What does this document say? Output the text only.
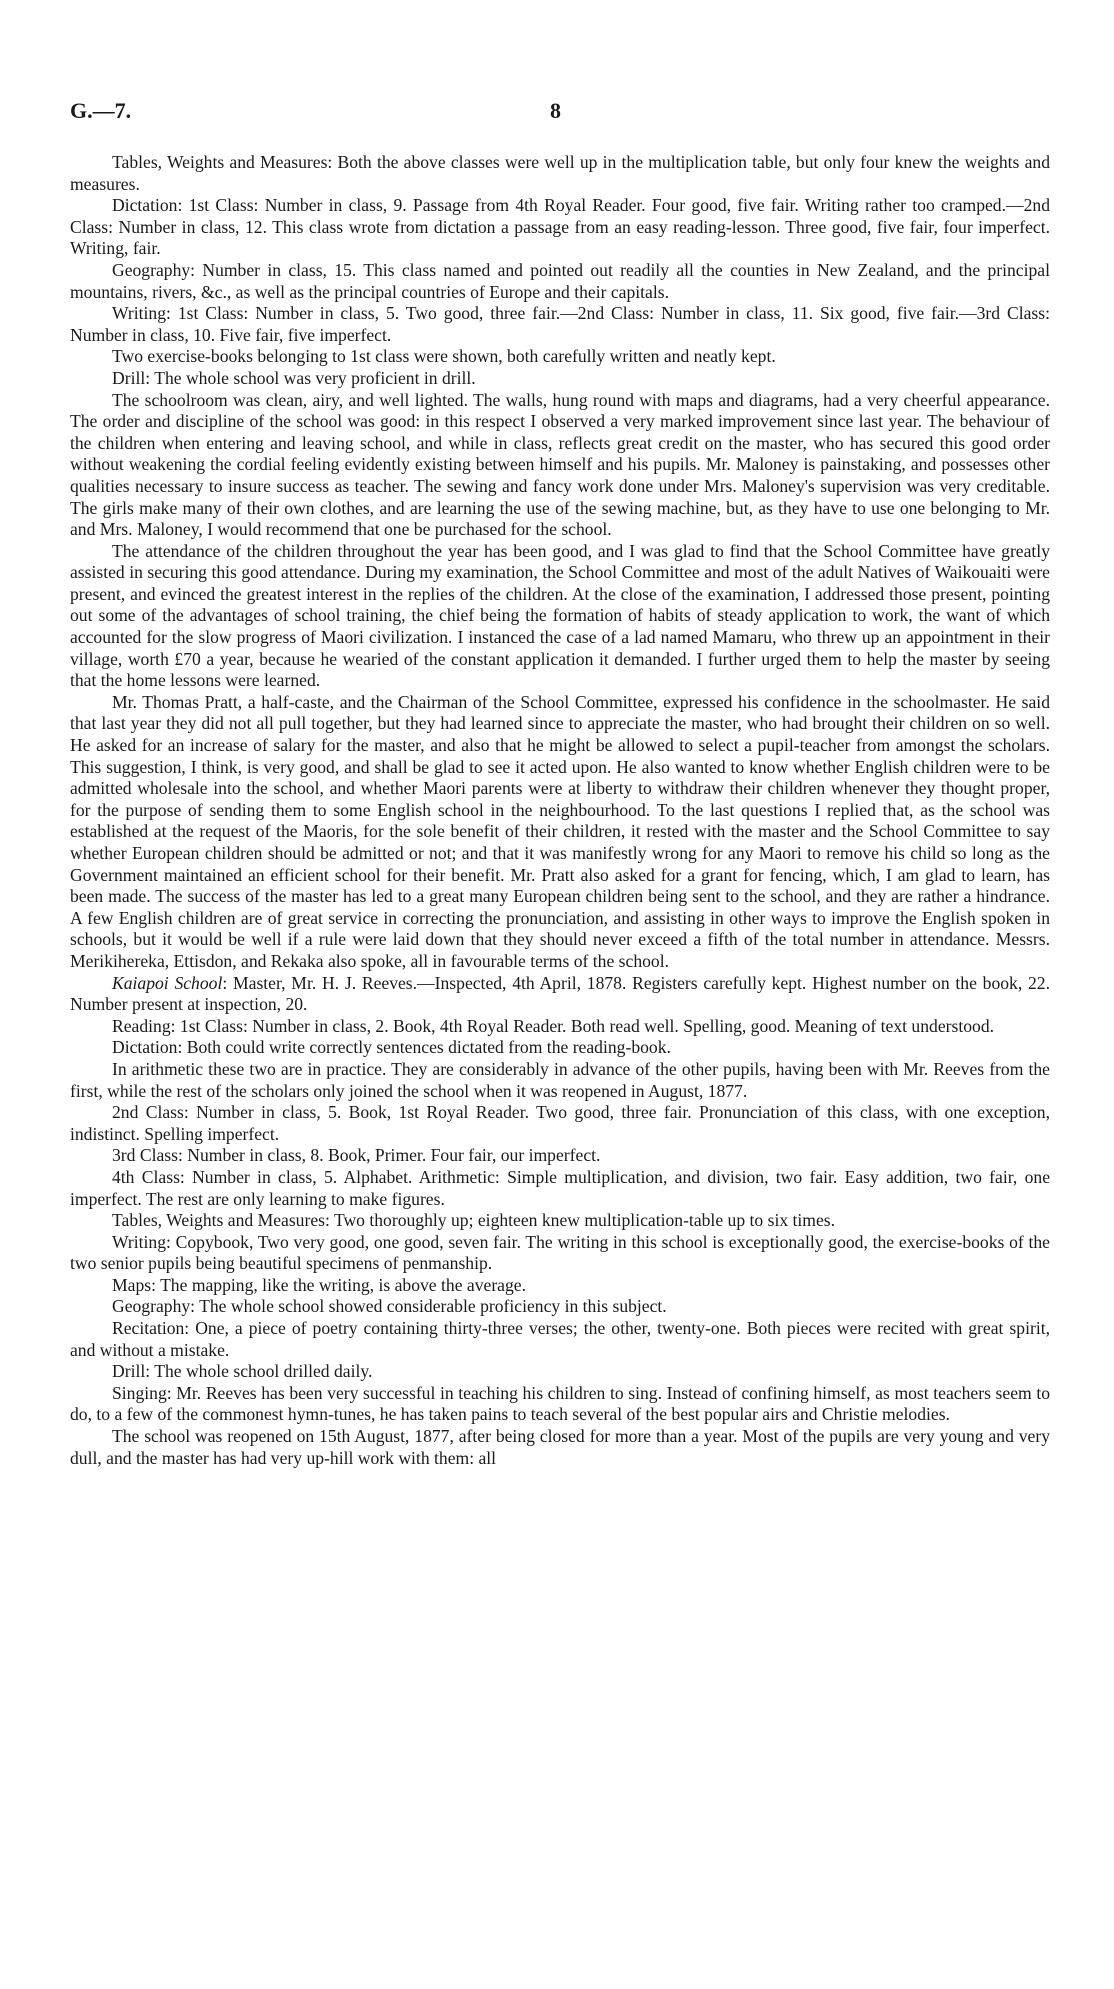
G.—7.	8

Tables, Weights and Measures: Both the above classes were well up in the multiplication table, but only four knew the weights and measures.

Dictation: 1st Class: Number in class, 9. Passage from 4th Royal Reader. Four good, five fair. Writing rather too cramped.—2nd Class: Number in class, 12. This class wrote from dictation a passage from an easy reading-lesson. Three good, five fair, four imperfect. Writing, fair.

Geography: Number in class, 15. This class named and pointed out readily all the counties in New Zealand, and the principal mountains, rivers, &c., as well as the principal countries of Europe and their capitals.

Writing: 1st Class: Number in class, 5. Two good, three fair.—2nd Class: Number in class, 11. Six good, five fair.—3rd Class: Number in class, 10. Five fair, five imperfect.

Two exercise-books belonging to 1st class were shown, both carefully written and neatly kept.

Drill: The whole school was very proficient in drill.

The schoolroom was clean, airy, and well lighted. The walls, hung round with maps and diagrams, had a very cheerful appearance. The order and discipline of the school was good: in this respect I observed a very marked improvement since last year. The behaviour of the children when entering and leaving school, and while in class, reflects great credit on the master, who has secured this good order without weakening the cordial feeling evidently existing between himself and his pupils. Mr. Maloney is painstaking, and possesses other qualities necessary to insure success as teacher. The sewing and fancy work done under Mrs. Maloney's supervision was very creditable. The girls make many of their own clothes, and are learning the use of the sewing machine, but, as they have to use one belonging to Mr. and Mrs. Maloney, I would recommend that one be purchased for the school.

The attendance of the children throughout the year has been good, and I was glad to find that the School Committee have greatly assisted in securing this good attendance. During my examination, the School Committee and most of the adult Natives of Waikouaiti were present, and evinced the greatest interest in the replies of the children. At the close of the examination, I addressed those present, pointing out some of the advantages of school training, the chief being the formation of habits of steady application to work, the want of which accounted for the slow progress of Maori civilization. I instanced the case of a lad named Mamaru, who threw up an appointment in their village, worth £70 a year, because he wearied of the constant application it demanded. I further urged them to help the master by seeing that the home lessons were learned.

Mr. Thomas Pratt, a half-caste, and the Chairman of the School Committee, expressed his confidence in the schoolmaster. He said that last year they did not all pull together, but they had learned since to appreciate the master, who had brought their children on so well. He asked for an increase of salary for the master, and also that he might be allowed to select a pupil-teacher from amongst the scholars. This suggestion, I think, is very good, and shall be glad to see it acted upon. He also wanted to know whether English children were to be admitted wholesale into the school, and whether Maori parents were at liberty to withdraw their children whenever they thought proper, for the purpose of sending them to some English school in the neighbourhood. To the last questions I replied that, as the school was established at the request of the Maoris, for the sole benefit of their children, it rested with the master and the School Committee to say whether European children should be admitted or not; and that it was manifestly wrong for any Maori to remove his child so long as the Government maintained an efficient school for their benefit. Mr. Pratt also asked for a grant for fencing, which, I am glad to learn, has been made. The success of the master has led to a great many European children being sent to the school, and they are rather a hindrance. A few English children are of great service in correcting the pronunciation, and assisting in other ways to improve the English spoken in schools, but it would be well if a rule were laid down that they should never exceed a fifth of the total number in attendance. Messrs. Merikihereka, Ettisdon, and Rekaka also spoke, all in favourable terms of the school.

Kaiapoi School: Master, Mr. H. J. Reeves.—Inspected, 4th April, 1878. Registers carefully kept. Highest number on the book, 22. Number present at inspection, 20.

Reading: 1st Class: Number in class, 2. Book, 4th Royal Reader. Both read well. Spelling, good. Meaning of text understood.

Dictation: Both could write correctly sentences dictated from the reading-book.

In arithmetic these two are in practice. They are considerably in advance of the other pupils, having been with Mr. Reeves from the first, while the rest of the scholars only joined the school when it was reopened in August, 1877.

2nd Class: Number in class, 5. Book, 1st Royal Reader. Two good, three fair. Pronunciation of this class, with one exception, indistinct. Spelling imperfect.

3rd Class: Number in class, 8. Book, Primer. Four fair, our imperfect.

4th Class: Number in class, 5. Alphabet. Arithmetic: Simple multiplication, and division, two fair. Easy addition, two fair, one imperfect. The rest are only learning to make figures.

Tables, Weights and Measures: Two thoroughly up; eighteen knew multiplication-table up to six times.

Writing: Copybook, Two very good, one good, seven fair. The writing in this school is exceptionally good, the exercise-books of the two senior pupils being beautiful specimens of penmanship.

Maps: The mapping, like the writing, is above the average.

Geography: The whole school showed considerable proficiency in this subject.

Recitation: One, a piece of poetry containing thirty-three verses; the other, twenty-one. Both pieces were recited with great spirit, and without a mistake.

Drill: The whole school drilled daily.

Singing: Mr. Reeves has been very successful in teaching his children to sing. Instead of confining himself, as most teachers seem to do, to a few of the commonest hymn-tunes, he has taken pains to teach several of the best popular airs and Christie melodies.

The school was reopened on 15th August, 1877, after being closed for more than a year. Most of the pupils are very young and very dull, and the master has had very up-hill work with them: all
